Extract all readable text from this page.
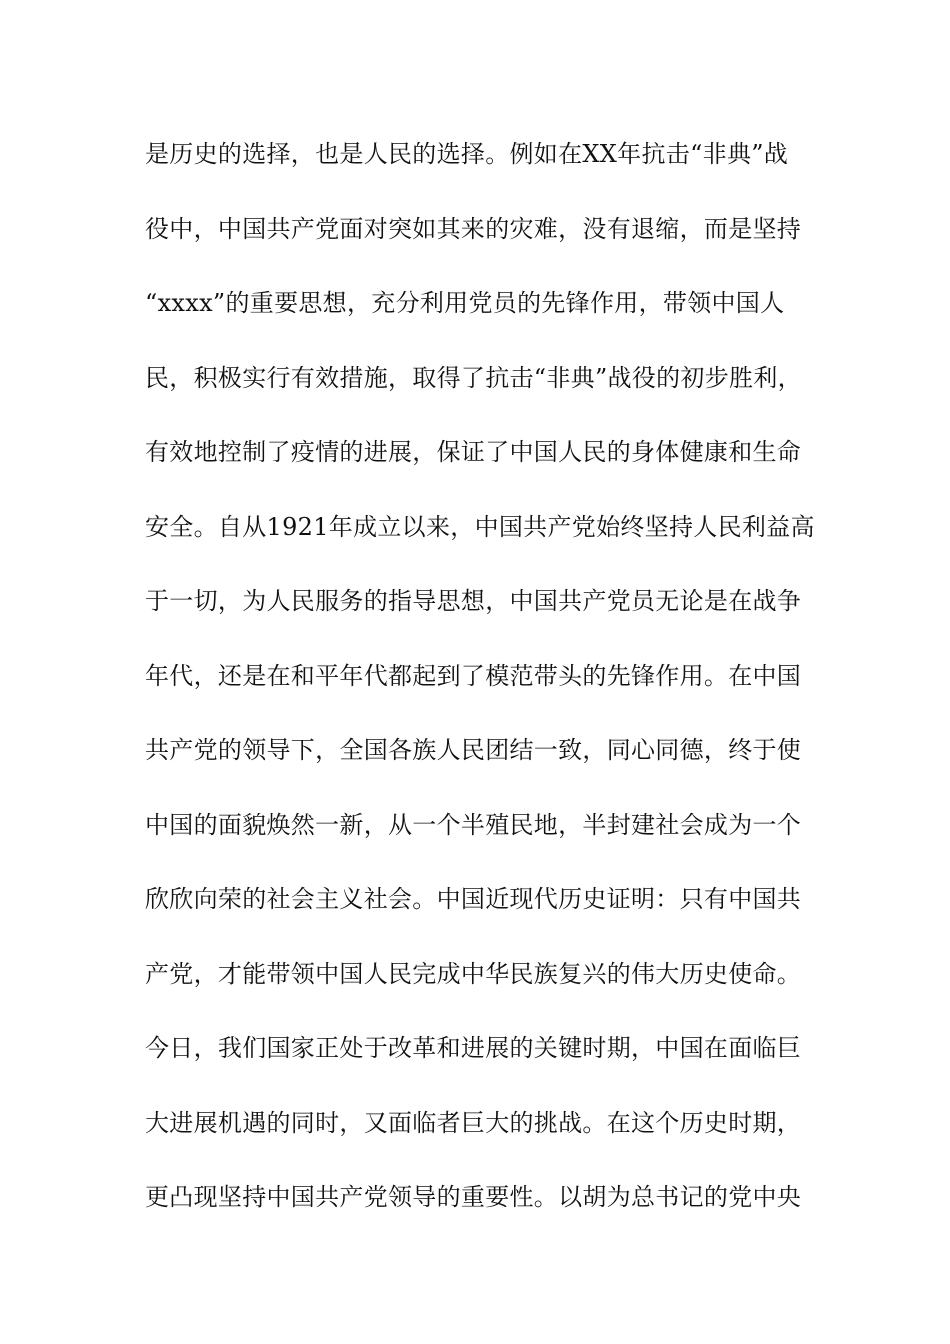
是历史的选择，也是人民的选择。例如在XX年抗击“非典”战
役中，中国共产党面对突如其来的灾难，没有退缩，而是坚持
“xxxx”的重要思想，充分利用党员的先锋作用，带领中国人
民，积极实行有效措施，取得了抗击“非典”战役的初步胜利，
有效地控制了疫情的进展，保证了中国人民的身体健康和生命
安全。自从1921年成立以来，中国共产党始终坚持人民利益高
于一切，为人民服务的指导思想，中国共产党员无论是在战争
年代，还是在和平年代都起到了模范带头的先锋作用。在中国
共产党的领导下，全国各族人民团结一致，同心同德，终于使
中国的面貌焕然一新，从一个半殖民地，半封建社会成为一个
欣欣向荣的社会主义社会。中国近现代历史证明：只有中国共
产党，才能带领中国人民完成中华民族复兴的伟大历史使命。
今日，我们国家正处于改革和进展的关键时期，中国在面临巨
大进展机遇的同时，又面临者巨大的挑战。在这个历史时期，
更凸现坚持中国共产党领导的重要性。以胡为总书记的党中央
